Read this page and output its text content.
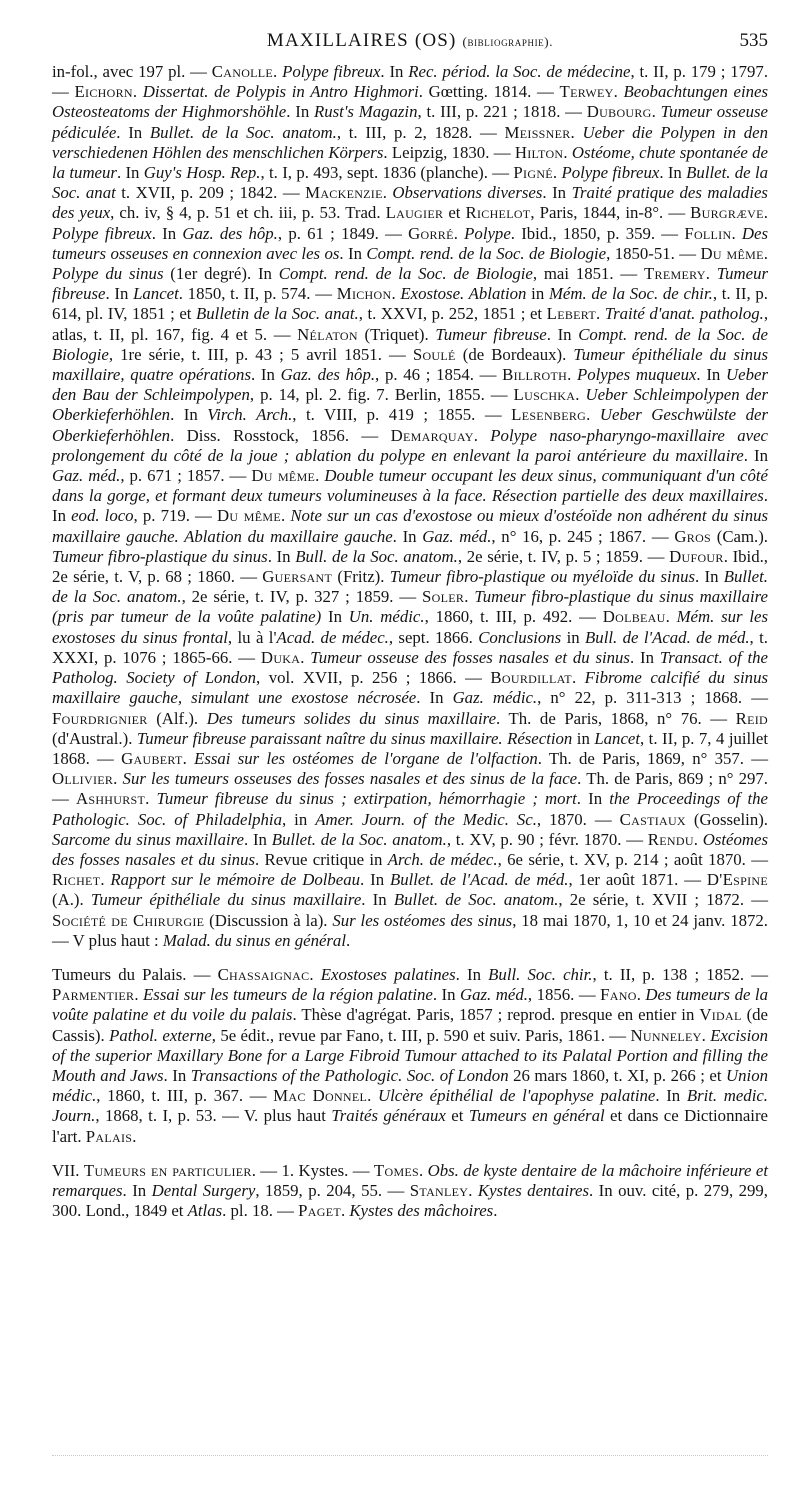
MAXILLAIRES (OS) (bibliographie).	535

in-fol., avec 197 pl. — Canolle. Polype fibreux. In Rec. périod. la Soc. de médecine, t. II, p. 179 ; 1797. — Eichorn. Dissertat. de Polypis in Antro Highmori. Gœtting. 1814. — Terwey. Beobachtungen eines Osteosteatoms der Highmorshöhle. In Rust's Magazin, t. III, p. 221 ; 1818. — Dubourg. Tumeur osseuse pédiculée. In Bullet. de la Soc. anatom., t. III, p. 2, 1828. — Meissner. Ueber die Polypen in den verschiedenen Höhlen des menschlichen Körpers. Leipzig, 1830. — Hilton. Ostéome, chute spontanée de la tumeur. In Guy's Hosp. Rep., t. I, p. 493, sept. 1836 (planche). — Pigné. Polype fibreux. In Bullet. de la Soc. anat t. XVII, p. 209 ; 1842. — Mackenzie. Observations diverses. In Traité pratique des maladies des yeux, ch. iv, § 4, p. 51 et ch. iii, p. 53. Trad. Laugier et Richelot, Paris, 1844, in-8°. — Burgræve. Polype fibreux. In Gaz. des hôp., p. 61 ; 1849. — Gorré. Polype. Ibid., 1850, p. 359. — Follin. Des tumeurs osseuses en connexion avec les os. In Compt. rend. de la Soc. de Biologie, 1850-51. — Du même. Polype du sinus (1er degré). In Compt. rend. de la Soc. de Biologie, mai 1851. — Tremery. Tumeur fibreuse. In Lancet. 1850, t. II, p. 574. — Michon. Exostose. Ablation in Mém. de la Soc. de chir., t. II, p. 614, pl. IV, 1851 ; et Bulletin de la Soc. anat., t. XXVI, p. 252, 1851 ; et Lebert. Traité d'anat. patholog., atlas, t. II, pl. 167, fig. 4 et 5. — Nélaton (Triquet). Tumeur fibreuse. In Compt. rend. de la Soc. de Biologie, 1re série, t. III, p. 43 ; 5 avril 1851. — Soulé (de Bordeaux). Tumeur épithéliale du sinus maxillaire, quatre opérations. In Gaz. des hôp., p. 46 ; 1854. — Billroth. Polypes muqueux. In Ueber den Bau der Schleimpolypen, p. 14, pl. 2. fig. 7. Berlin, 1855. — Luschka. Ueber Schleimpolypen der Oberkieferhöhlen. In Virch. Arch., t. VIII, p. 419 ; 1855. — Lesenberg. Ueber Geschwülste der Oberkieferhöhlen. Diss. Rosstock, 1856. — Demarquay. Polype naso-pharyngo-maxillaire avec prolongement du côté de la joue ; ablation du polype en enlevant la paroi antérieure du maxillaire. In Gaz. méd., p. 671 ; 1857. — Du même. Double tumeur occupant les deux sinus, communiquant d'un côté dans la gorge, et formant deux tumeurs volumineuses à la face. Résection partielle des deux maxillaires. In eod. loco, p. 719. — Du même. Note sur un cas d'exostose ou mieux d'ostéoïde non adhérent du sinus maxillaire gauche. Ablation du maxillaire gauche. In Gaz. méd., n° 16, p. 245 ; 1867. — Gros (Cam.). Tumeur fibro-plastique du sinus. In Bull. de la Soc. anatom., 2e série, t. IV, p. 5 ; 1859. — Dufour. Ibid., 2e série, t. V, p. 68 ; 1860. — Guersant (Fritz). Tumeur fibro-plastique ou myéloïde du sinus. In Bullet. de la Soc. anatom., 2e série, t. IV, p. 327 ; 1859. — Soler. Tumeur fibro-plastique du sinus maxillaire (pris par tumeur de la voûte palatine) In Un. médic., 1860, t. III, p. 492. — Dolbeau. Mém. sur les exostoses du sinus frontal, lu à l'Acad. de médec., sept. 1866. Conclusions in Bull. de l'Acad. de méd., t. XXXI, p. 1076 ; 1865-66. — Duka. Tumeur osseuse des fosses nasales et du sinus. In Transact. of the Patholog. Society of London, vol. XVII, p. 256 ; 1866. — Bourdillat. Fibrome calcifié du sinus maxillaire gauche, simulant une exostose nécrosée. In Gaz. médic., n° 22, p. 311-313 ; 1868. — Fourdrignier (Alf.). Des tumeurs solides du sinus maxillaire. Th. de Paris, 1868, n° 76. — Reid (d'Austral.). Tumeur fibreuse paraissant naître du sinus maxillaire. Résection in Lancet, t. II, p. 7, 4 juillet 1868. — Gaubert. Essai sur les ostéomes de l'organe de l'olfaction. Th. de Paris, 1869, n° 357. — Ollivier. Sur les tumeurs osseuses des fosses nasales et des sinus de la face. Th. de Paris, 869 ; n° 297. — Ashhurst. Tumeur fibreuse du sinus ; extirpation, hémorrhagie ; mort. In the Proceedings of the Pathologic. Soc. of Philadelphia, in Amer. Journ. of the Medic. Sc., 1870. — Castiaux (Gosselin). Sarcome du sinus maxillaire. In Bullet. de la Soc. anatom., t. XV, p. 90 ; févr. 1870. — Rendu. Ostéomes des fosses nasales et du sinus. Revue critique in Arch. de médec., 6e série, t. XV, p. 214 ; août 1870. — Richet. Rapport sur le mémoire de Dolbeau. In Bullet. de l'Acad. de méd., 1er août 1871. — D'Espine (A.). Tumeur épithéliale du sinus maxillaire. In Bullet. de Soc. anatom., 2e série, t. XVII ; 1872. — Société de Chirurgie (Discussion à la). Sur les ostéomes des sinus, 18 mai 1870, 1, 10 et 24 janv. 1872. — V plus haut : Malad. du sinus en général.

Tumeurs du Palais. — Chassaignac. Exostoses palatines. In Bull. Soc. chir., t. II, p. 138 ; 1852. — Parmentier. Essai sur les tumeurs de la région palatine. In Gaz. méd., 1856. — Fano. Des tumeurs de la voûte palatine et du voile du palais. Thèse d'agrégat. Paris, 1857 ; reprod. presque en entier in Vidal (de Cassis). Pathol. externe, 5e édit., revue par Fano, t. III, p. 590 et suiv. Paris, 1861. — Nunneley. Excision of the superior Maxillary Bone for a Large Fibroid Tumour attached to its Palatal Portion and filling the Mouth and Jaws. In Transactions of the Pathologic. Soc. of London 26 mars 1860, t. XI, p. 266 ; et Union médic., 1860, t. III, p. 367. — Mac Donnel. Ulcère épithélial de l'apophyse palatine. In Brit. medic. Journ., 1868, t. I, p. 53. — V. plus haut Traités généraux et Tumeurs en général et dans ce Dictionnaire l'art. Palais.

VII. Tumeurs en particulier. — 1. Kystes. — Tomes. Obs. de kyste dentaire de la mâchoire inférieure et remarques. In Dental Surgery, 1859, p. 204, 55. — Stanley. Kystes dentaires. In ouv. cité, p. 279, 299, 300. Lond., 1849 et Atlas. pl. 18. — Paget. Kystes des mâchoires.
